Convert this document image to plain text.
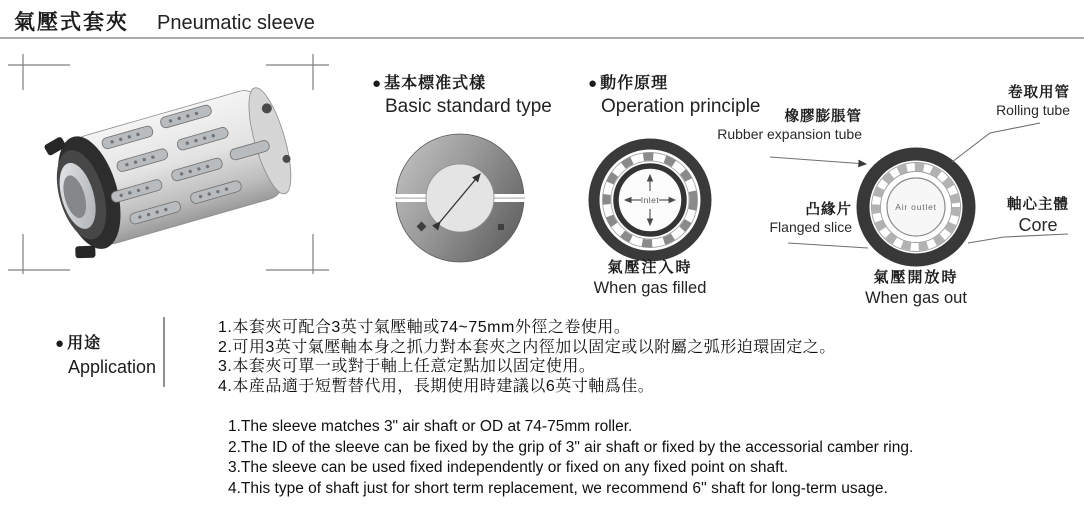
氣壓式套夾 Pneumatic sleeve
● 基本標准式樣
Basic standard type
● 動作原理
Operation principle
Inlet
氣壓注入時
When gas filled
Air outlet
氣壓開放時
When gas out
橡膠膨脹管
Rubber expansion tube
卷取用管
Rolling tube
凸緣片
Flanged slice
軸心主體
Core
● 用途
Application
1.本套夾可配合3英寸氣壓軸或74~75mm外徑之卷使用。
2.可用3英寸氣壓軸本身之抓力對本套夾之内徑加以固定或以附屬之弧形迫環固定之。
3.本套夾可單一或對于軸上任意定點加以固定使用。
4.本産品適于短暫替代用，長期使用時建議以6英寸軸爲佳。
1.The sleeve matches 3" air shaft or OD at 74-75mm roller.
2.The ID of the sleeve can be fixed by the grip of 3" air shaft or fixed by the accessorial camber ring.
3.The sleeve can be used fixed independently or fixed on any fixed point on shaft.
4.This type of shaft just for short term replacement, we recommend 6'' shaft for long-term usage.
